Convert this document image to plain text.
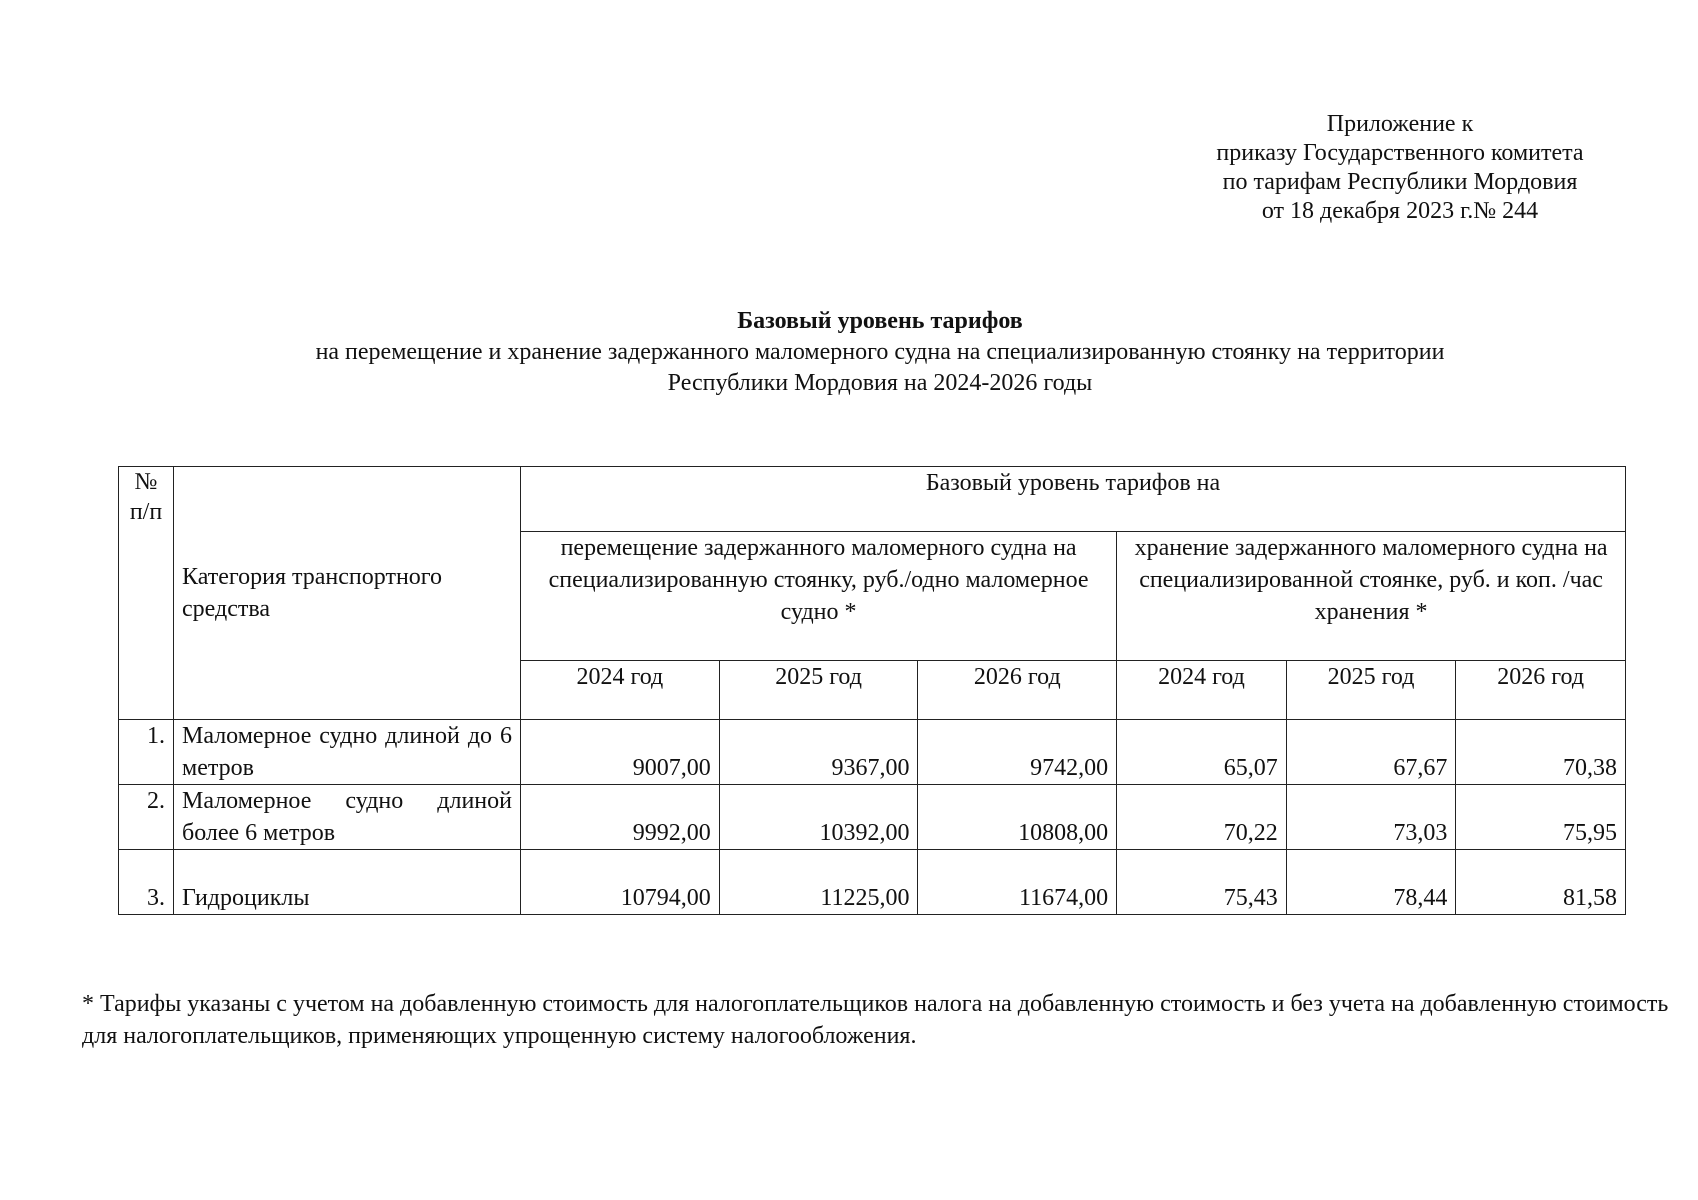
Приложение к
приказу Государственного комитета
по тарифам Республики Мордовия
от 18 декабря 2023 г.№ 244
Базовый уровень тарифов
на перемещение и хранение задержанного маломерного судна на специализированную стоянку на территории
Республики Мордовия на 2024-2026 годы
№ п/п	Категория транспортного средства	Базовый уровень тарифов на					
		перемещение задержанного маломерного судна на специализированную стоянку, руб./одно маломерное судно *			хранение задержанного маломерного судна на специализированной стоянке, руб. и коп. /час хранения *		
		2024 год	2025 год	2026 год	2024 год	2025 год	2026 год
1.	Маломерное судно длиной до 6 метров	9007,00	9367,00	9742,00	65,07	67,67	70,38
2.	Маломерное судно длиной более 6 метров	9992,00	10392,00	10808,00	70,22	73,03	75,95
3.	Гидроциклы	10794,00	11225,00	11674,00	75,43	78,44	81,58
* Тарифы указаны с учетом на добавленную стоимость для налогоплательщиков налога на добавленную стоимость и без учета на добавленную стоимость для налогоплательщиков, применяющих упрощенную систему налогообложения.
